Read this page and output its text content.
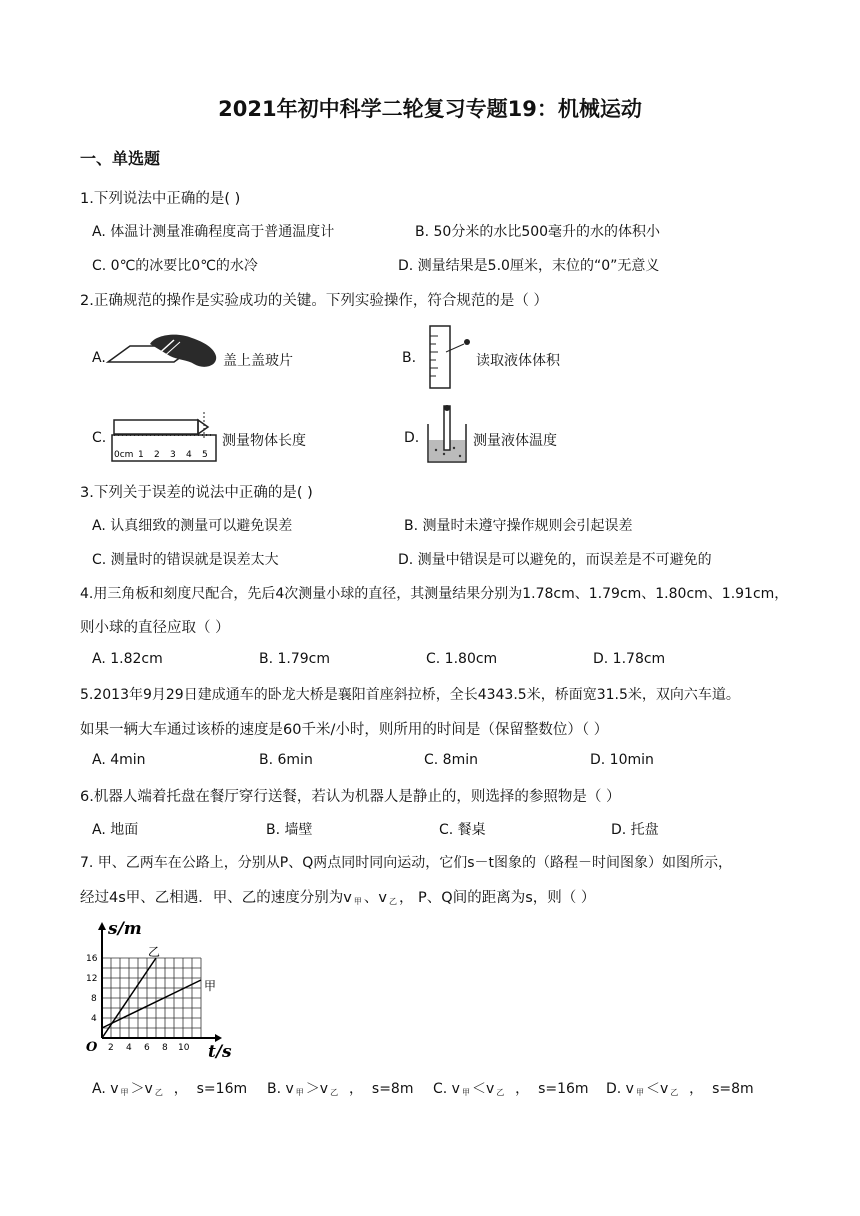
2021年初中科学二轮复习专题19：机械运动
一、单选题
1.下列说法中正确的是( )
A. 体温计测量准确程度高于普通温度计	B. 50分米的水比500毫升的水的体积小
C. 0℃的冰要比0℃的水冷	D. 测量结果是5.0厘米，末位的“0”无意义
2.正确规范的操作是实验成功的关键。下列实验操作，符合规范的是（ ）
A.	盖上盖玻片	B.	读取液体体积
C.
0cm 1 2 3 4 5
测量物体长度	D.	测量液体温度
3.下列关于误差的说法中正确的是( )
A. 认真细致的测量可以避免误差	B. 测量时未遵守操作规则会引起误差
C. 测量时的错误就是误差太大	D. 测量中错误是可以避免的，而误差是不可避免的
4.用三角板和刻度尺配合，先后4次测量小球的直径，其测量结果分别为1.78cm、1.79cm、1.80cm、1.91cm，
则小球的直径应取（ ）
A. 1.82cm	B. 1.79cm	C. 1.80cm	D. 1.78cm
5.2013年9月29日建成通车的卧龙大桥是襄阳首座斜拉桥，全长4343.5米，桥面宽31.5米，双向六车道。
如果一辆大车通过该桥的速度是60千米/小时，则所用的时间是（保留整数位）（ ）
A. 4min	B. 6min	C. 8min	D. 10min
6.机器人端着托盘在餐厅穿行送餐，若认为机器人是静止的，则选择的参照物是（ ）
A. 地面	B. 墙壁	C. 餐桌	D. 托盘
7. 甲、乙两车在公路上，分别从P、Q两点同时同向运动，它们s－t图象的（路程－时间图象）如图所示，
经过4s甲、乙相遇．甲、乙的速度分别为v $_甲$ 、v $_乙$ ， P、Q间的距离为s，则（ ）
s/m
t/s
O
4
8
12
16
2 4 6 8 10
乙
甲
A. v $_甲$ ＞v $_乙$  ，  s=16m B. v $_甲$ ＞v $_乙$  ，  s=8m C. v $_甲$ ＜v $_乙$  ，  s=16m D. v $_甲$ ＜v $_乙$  ，  s=8m
